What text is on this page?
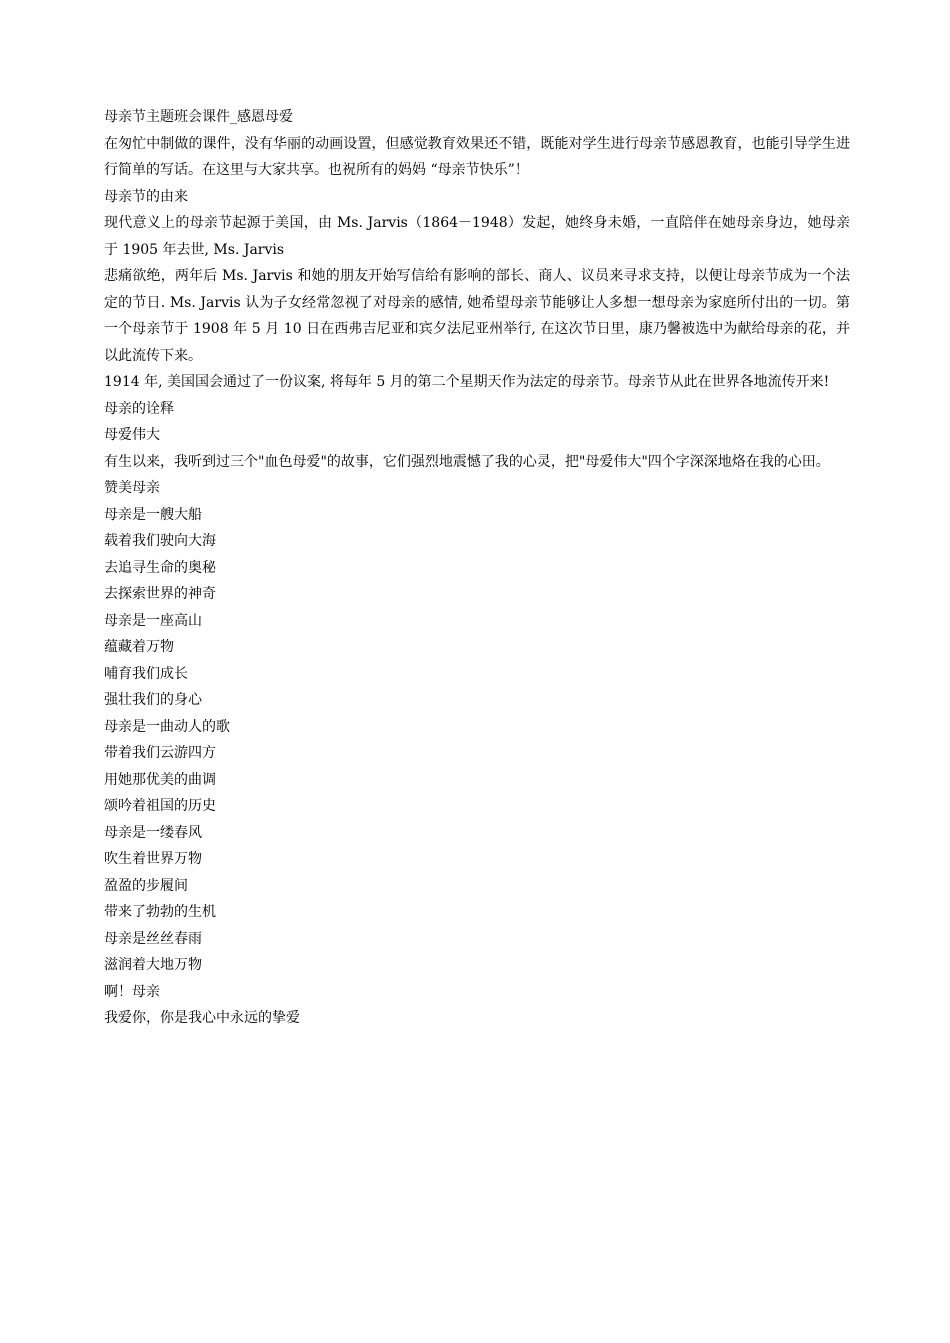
母亲节主题班会课件_感恩母爱

在匆忙中制做的课件，没有华丽的动画设置，但感觉教育效果还不错，既能对学生进行母亲节感恩教育，也能引导学生进行简单的写话。在这里与大家共享。也祝所有的妈妈 “母亲节快乐”！

母亲节的由来

现代意义上的母亲节起源于美国，由 Ms. Jarvis（1864－1948）发起，她终身未婚，一直陪伴在她母亲身边，她母亲于 1905 年去世, Ms. Jarvis

悲痛欲绝，两年后 Ms. Jarvis 和她的朋友开始写信给有影响的部长、商人、议员来寻求支持，以便让母亲节成为一个法定的节日. Ms. Jarvis 认为子女经常忽视了对母亲的感情, 她希望母亲节能够让人多想一想母亲为家庭所付出的一切。第一个母亲节于 1908 年 5 月 10 日在西弗吉尼亚和宾夕法尼亚州举行, 在这次节日里，康乃馨被选中为献给母亲的花，并以此流传下来。

1914 年, 美国国会通过了一份议案, 将每年 5 月的第二个星期天作为法定的母亲节。母亲节从此在世界各地流传开来!

母亲的诠释

母爱伟大

有生以来，我听到过三个"血色母爱"的故事，它们强烈地震憾了我的心灵，把"母爱伟大"四个字深深地烙在我的心田。

赞美母亲

母亲是一艘大船

载着我们驶向大海

去追寻生命的奥秘

去探索世界的神奇

母亲是一座高山

蕴藏着万物

哺育我们成长

强壮我们的身心

母亲是一曲动人的歌

带着我们云游四方

用她那优美的曲调

颂吟着祖国的历史

母亲是一缕春风

吹生着世界万物

盈盈的步履间

带来了勃勃的生机

母亲是丝丝春雨

滋润着大地万物

啊！母亲

我爱你，你是我心中永远的挚爱
